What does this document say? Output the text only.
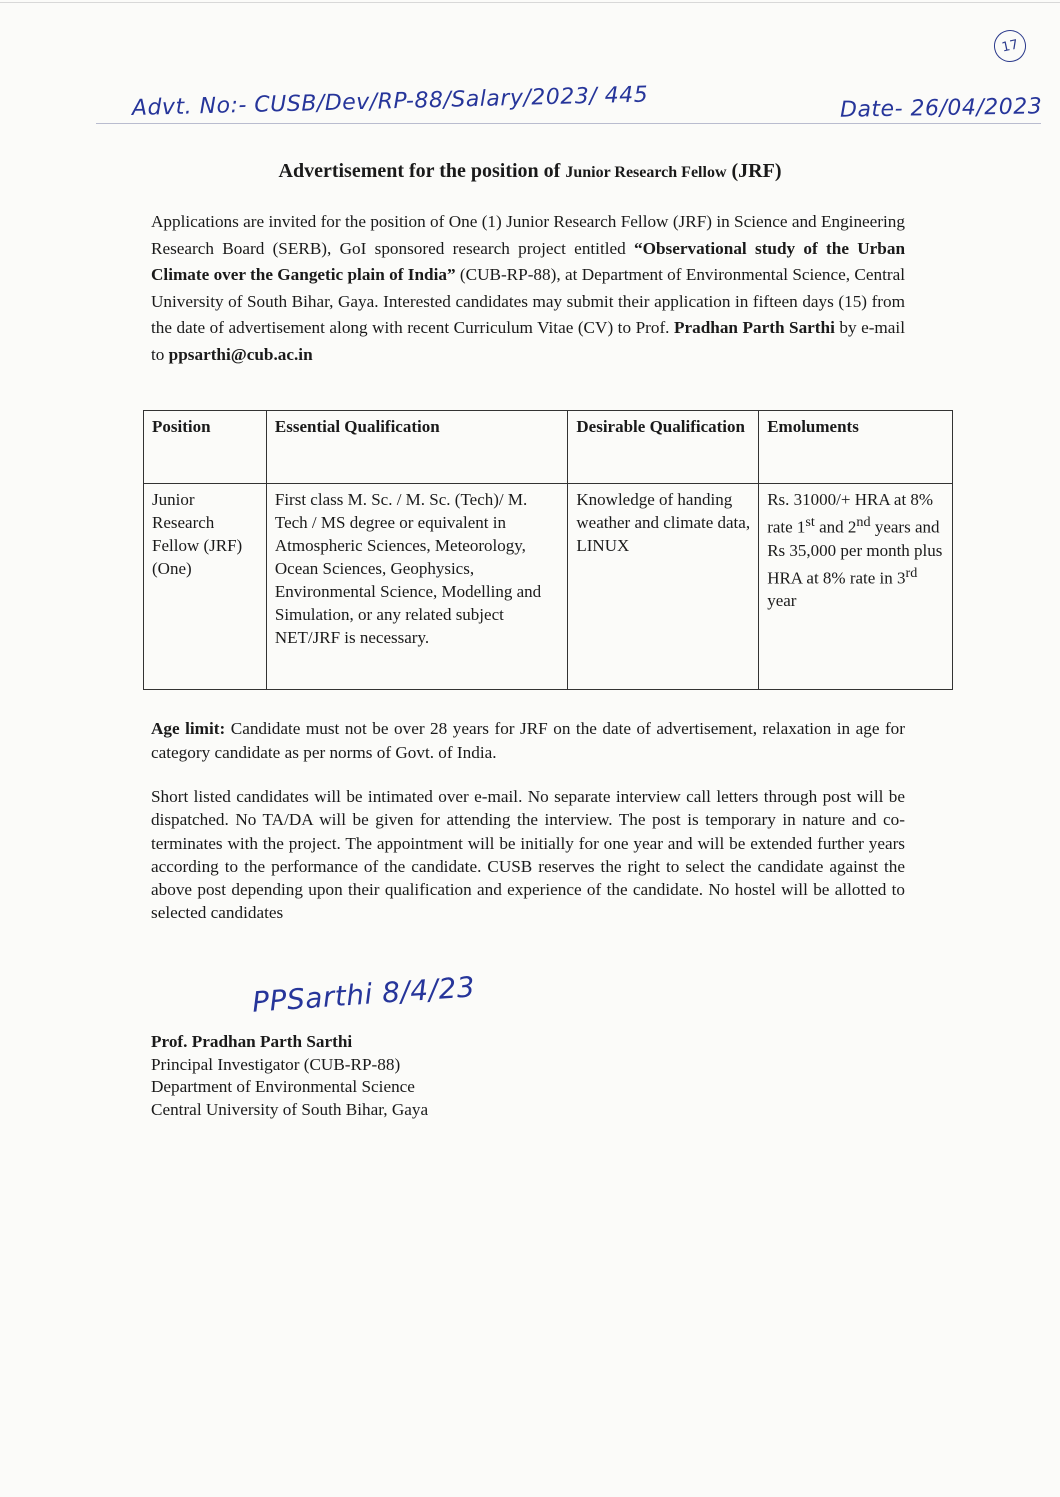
17
Advt. No:- CUSB/Dev/RP-88/Salary/2023/ 445	Date- 26/04/2023
Advertisement for the position of Junior Research Fellow (JRF)

Applications are invited for the position of One (1) Junior Research Fellow (JRF) in Science and Engineering Research Board (SERB), GoI sponsored research project entitled “Observational study of the Urban Climate over the Gangetic plain of India” (CUB-RP-88), at Department of Environmental Science, Central University of South Bihar, Gaya. Interested candidates may submit their application in fifteen days (15) from the date of advertisement along with recent Curriculum Vitae (CV) to Prof. Pradhan Parth Sarthi by e-mail to ppsarthi@cub.ac.in

Position	Essential Qualification	Desirable Qualification	Emoluments
Junior Research Fellow (JRF) (One)	First class M. Sc. / M. Sc. (Tech)/ M. Tech / MS degree or equivalent in Atmospheric Sciences, Meteorology, Ocean Sciences, Geophysics, Environmental Science, Modelling and Simulation, or any related subject NET/JRF is necessary.	Knowledge of handing weather and climate data, LINUX	Rs. 31000/+ HRA at 8% rate 1st and 2nd years and Rs 35,000 per month plus HRA at 8% rate in 3rd year

Age limit: Candidate must not be over 28 years for JRF on the date of advertisement, relaxation in age for category candidate as per norms of Govt. of India.

Short listed candidates will be intimated over e-mail. No separate interview call letters through post will be dispatched. No TA/DA will be given for attending the interview. The post is temporary in nature and co-terminates with the project. The appointment will be initially for one year and will be extended further years according to the performance of the candidate. CUSB reserves the right to select the candidate against the above post depending upon their qualification and experience of the candidate. No hostel will be allotted to selected candidates

PPSarthi 8/4/23
Prof. Pradhan Parth Sarthi
Principal Investigator (CUB-RP-88)
Department of Environmental Science
Central University of South Bihar, Gaya
